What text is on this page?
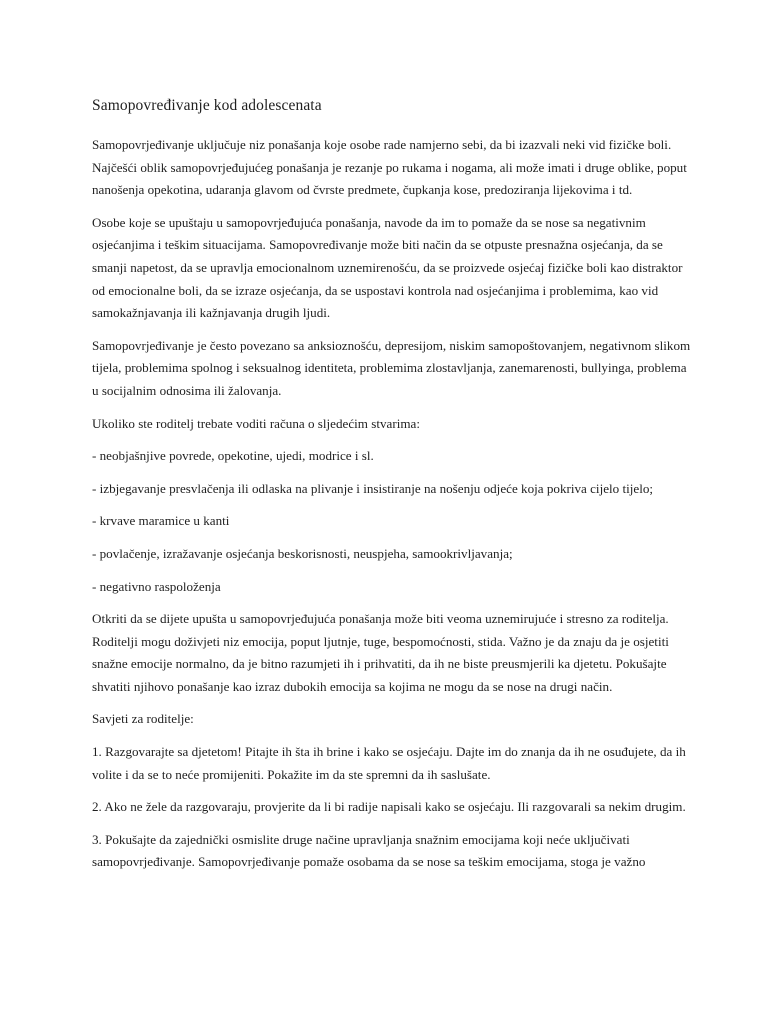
Samopovređivanje kod adolescenata

Samopovrjeđivanje uključuje niz ponašanja koje osobe rade namjerno sebi, da bi izazvali neki vid fizičke boli. Najčešći oblik samopovrjeđujućeg ponašanja je rezanje po rukama i nogama, ali može imati i druge oblike, poput nanošenja opekotina, udaranja glavom od čvrste predmete, čupkanja kose, predoziranja lijekovima i td.

Osobe koje se upuštaju u samopovrjeđujuća ponašanja, navode da im to pomaže da se nose sa negativnim osjećanjima i teškim situacijama. Samopovređivanje može biti način da se otpuste presnažna osjećanja, da se smanji napetost, da se upravlja emocionalnom uznemirenošću, da se proizvede osjećaj fizičke boli kao distraktor od emocionalne boli, da se izraze osjećanja, da se uspostavi kontrola nad osjećanjima i problemima, kao vid samokažnjavanja ili kažnjavanja drugih ljudi.

Samopovrjeđivanje je često povezano sa anksioznošću, depresijom, niskim samopoštovanjem, negativnom slikom tijela, problemima spolnog i seksualnog identiteta, problemima zlostavljanja, zanemarenosti, bullyinga, problema u socijalnim odnosima ili žalovanja.

Ukoliko ste roditelj trebate voditi računa o sljedećim stvarima:

- neobjašnjive povrede, opekotine, ujedi, modrice i sl.

- izbjegavanje presvlačenja ili odlaska na plivanje i insistiranje na nošenju odjeće koja pokriva cijelo tijelo;

- krvave maramice u kanti

- povlačenje, izražavanje osjećanja beskorisnosti, neuspjeha, samookrivljavanja;

- negativno raspoloženja

Otkriti da se dijete upušta u samopovrjeđujuća ponašanja može biti veoma uznemirujuće i stresno za roditelja. Roditelji mogu doživjeti niz emocija, poput ljutnje, tuge, bespomoćnosti, stida. Važno je da znaju da je osjetiti snažne emocije normalno, da je bitno razumjeti ih i prihvatiti, da ih ne biste preusmjerili ka djetetu. Pokušajte shvatiti njihovo ponašanje kao izraz dubokih emocija sa kojima ne mogu da se nose na drugi način.

Savjeti za roditelje:

1. Razgovarajte sa djetetom! Pitajte ih šta ih brine i kako se osjećaju. Dajte im do znanja da ih ne osuđujete, da ih volite i da se to neće promijeniti. Pokažite im da ste spremni da ih saslušate.

2. Ako ne žele da razgovaraju, provjerite da li bi radije napisali kako se osjećaju. Ili razgovarali sa nekim drugim.

3. Pokušajte da zajednički osmislite druge načine upravljanja snažnim emocijama koji neće uključivati samopovrjeđivanje. Samopovrjeđivanje pomaže osobama da se nose sa teškim emocijama, stoga je važno
